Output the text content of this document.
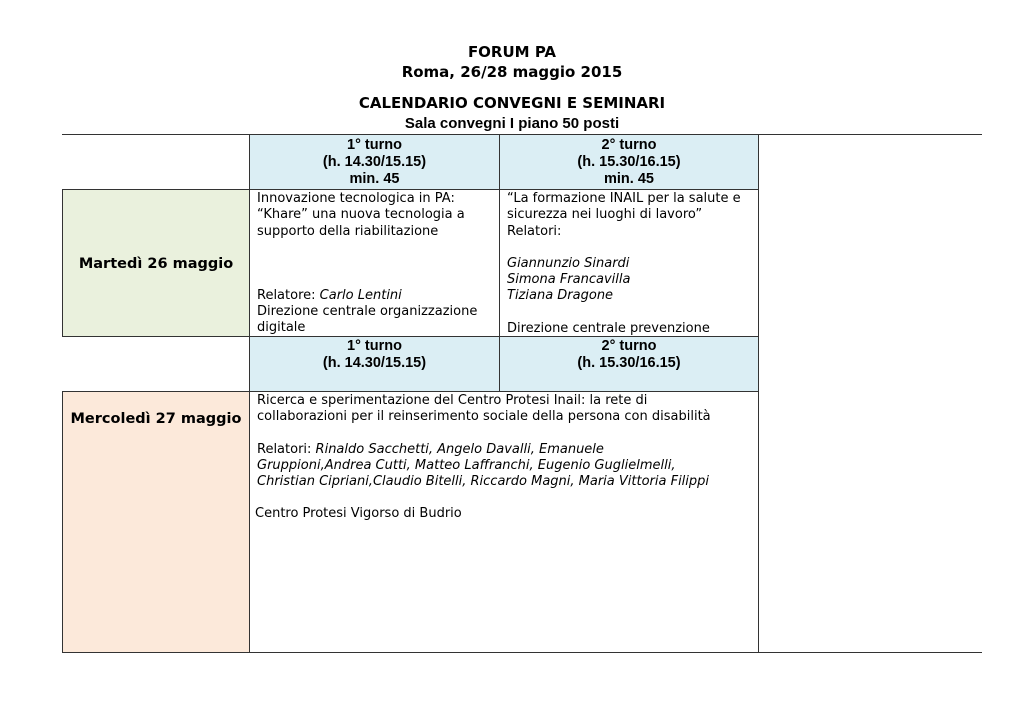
FORUM PA
Roma, 26/28 maggio 2015
CALENDARIO CONVEGNI E SEMINARI
Sala convegni I piano 50 posti
1° turno
(h. 14.30/15.15)
min. 45
2° turno
(h. 15.30/16.15)
min. 45
Martedì 26 maggio

Innovazione tecnologica in PA:

“Khare” una nuova tecnologia a

supporto della riabilitazione

Relatore: Carlo Lentini

Direzione centrale organizzazione

digitale

“La formazione INAIL per la salute e

sicurezza nei luoghi di lavoro”

Relatori:

Giannunzio Sinardi

Simona Francavilla

Tiziana Dragone

Direzione centrale prevenzione

1° turno
(h. 14.30/15.15)
2° turno
(h. 15.30/16.15)
Mercoledì 27 maggio

Ricerca e sperimentazione del Centro Protesi Inail: la rete di

collaborazioni per il reinserimento sociale della persona con disabilità

Relatori: Rinaldo Sacchetti, Angelo Davalli, Emanuele

Gruppioni,Andrea Cutti, Matteo Laffranchi, Eugenio Guglielmelli,

Christian Cipriani,Claudio Bitelli, Riccardo Magni, Maria Vittoria Filippi

Centro Protesi Vigorso di Budrio
